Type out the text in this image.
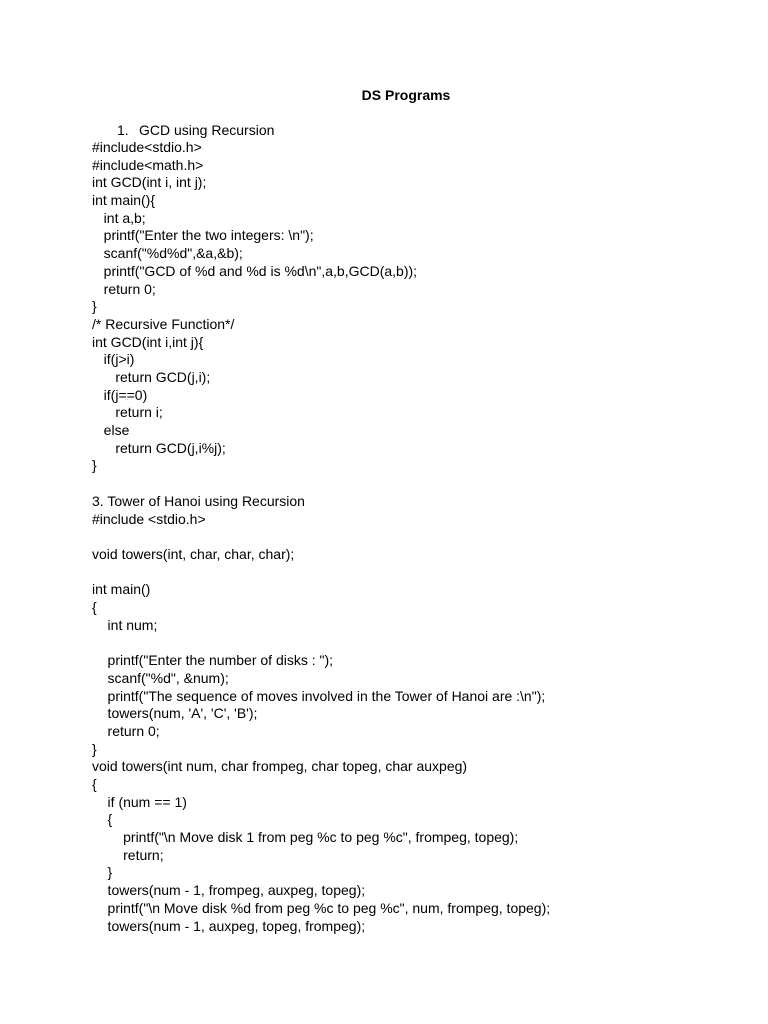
DS Programs
1. GCD using Recursion
#include<stdio.h>
#include<math.h>
int GCD(int i, int j);
int main(){
int a,b;
printf("Enter the two integers: \n");
scanf("%d%d",&a,&b);
printf("GCD of %d and %d is %d\n",a,b,GCD(a,b));
return 0;
}
/* Recursive Function*/
int GCD(int i,int j){
if(j>i)
return GCD(j,i);
if(j==0)
return i;
else
return GCD(j,i%j);
}
3. Tower of Hanoi using Recursion
#include <stdio.h>
void towers(int, char, char, char);
int main()
{
int num;
printf("Enter the number of disks : ");
scanf("%d", &num);
printf("The sequence of moves involved in the Tower of Hanoi are :\n");
towers(num, 'A', 'C', 'B');
return 0;
}
void towers(int num, char frompeg, char topeg, char auxpeg)
{
if (num == 1)
{
printf("\n Move disk 1 from peg %c to peg %c", frompeg, topeg);
return;
}
towers(num - 1, frompeg, auxpeg, topeg);
printf("\n Move disk %d from peg %c to peg %c", num, frompeg, topeg);
towers(num - 1, auxpeg, topeg, frompeg);
